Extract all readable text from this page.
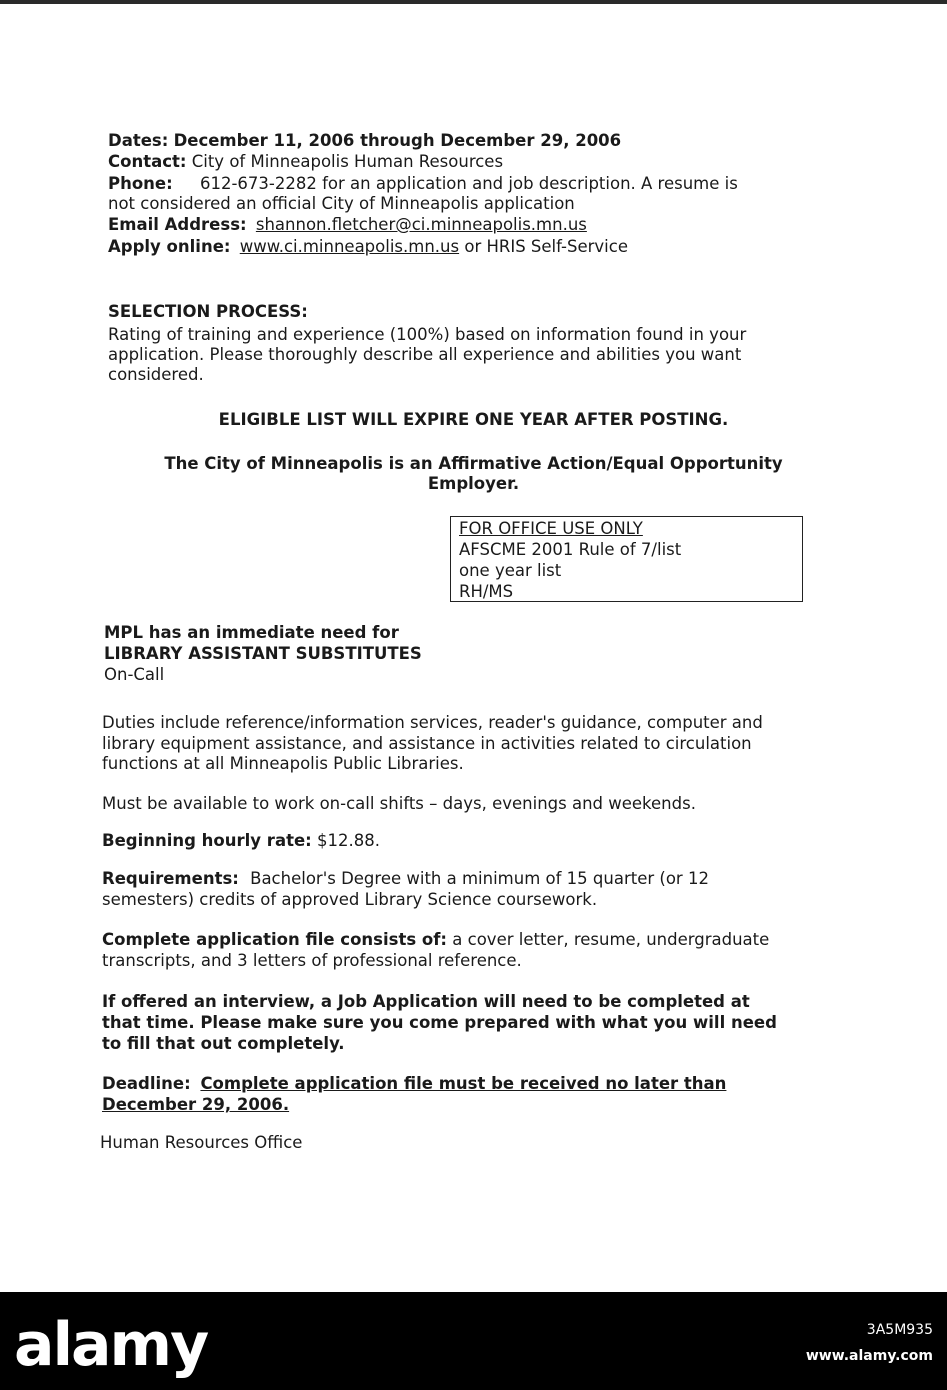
Dates: December 11, 2006 through December 29, 2006
Contact: City of Minneapolis Human Resources
Phone: 612-673-2282 for an application and job description. A resume is
not considered an official City of Minneapolis application
Email Address: shannon.fletcher@ci.minneapolis.mn.us
Apply online: www.ci.minneapolis.mn.us or HRIS Self-Service
SELECTION PROCESS:
Rating of training and experience (100%) based on information found in your
application. Please thoroughly describe all experience and abilities you want
considered.
ELIGIBLE LIST WILL EXPIRE ONE YEAR AFTER POSTING.
The City of Minneapolis is an Affirmative Action/Equal Opportunity
Employer.
FOR OFFICE USE ONLY
AFSCME 2001 Rule of 7/list
one year list
RH/MS
MPL has an immediate need for
LIBRARY ASSISTANT SUBSTITUTES
On-Call
Duties include reference/information services, reader's guidance, computer and
library equipment assistance, and assistance in activities related to circulation
functions at all Minneapolis Public Libraries.
Must be available to work on-call shifts – days, evenings and weekends.
Beginning hourly rate: $12.88.
Requirements: Bachelor's Degree with a minimum of 15 quarter (or 12
semesters) credits of approved Library Science coursework.
Complete application file consists of: a cover letter, resume, undergraduate
transcripts, and 3 letters of professional reference.
If offered an interview, a Job Application will need to be completed at
that time. Please make sure you come prepared with what you will need
to fill that out completely.
Deadline: Complete application file must be received no later than
December 29, 2006.
Human Resources Office
alamy	3A5M935
www.alamy.com
